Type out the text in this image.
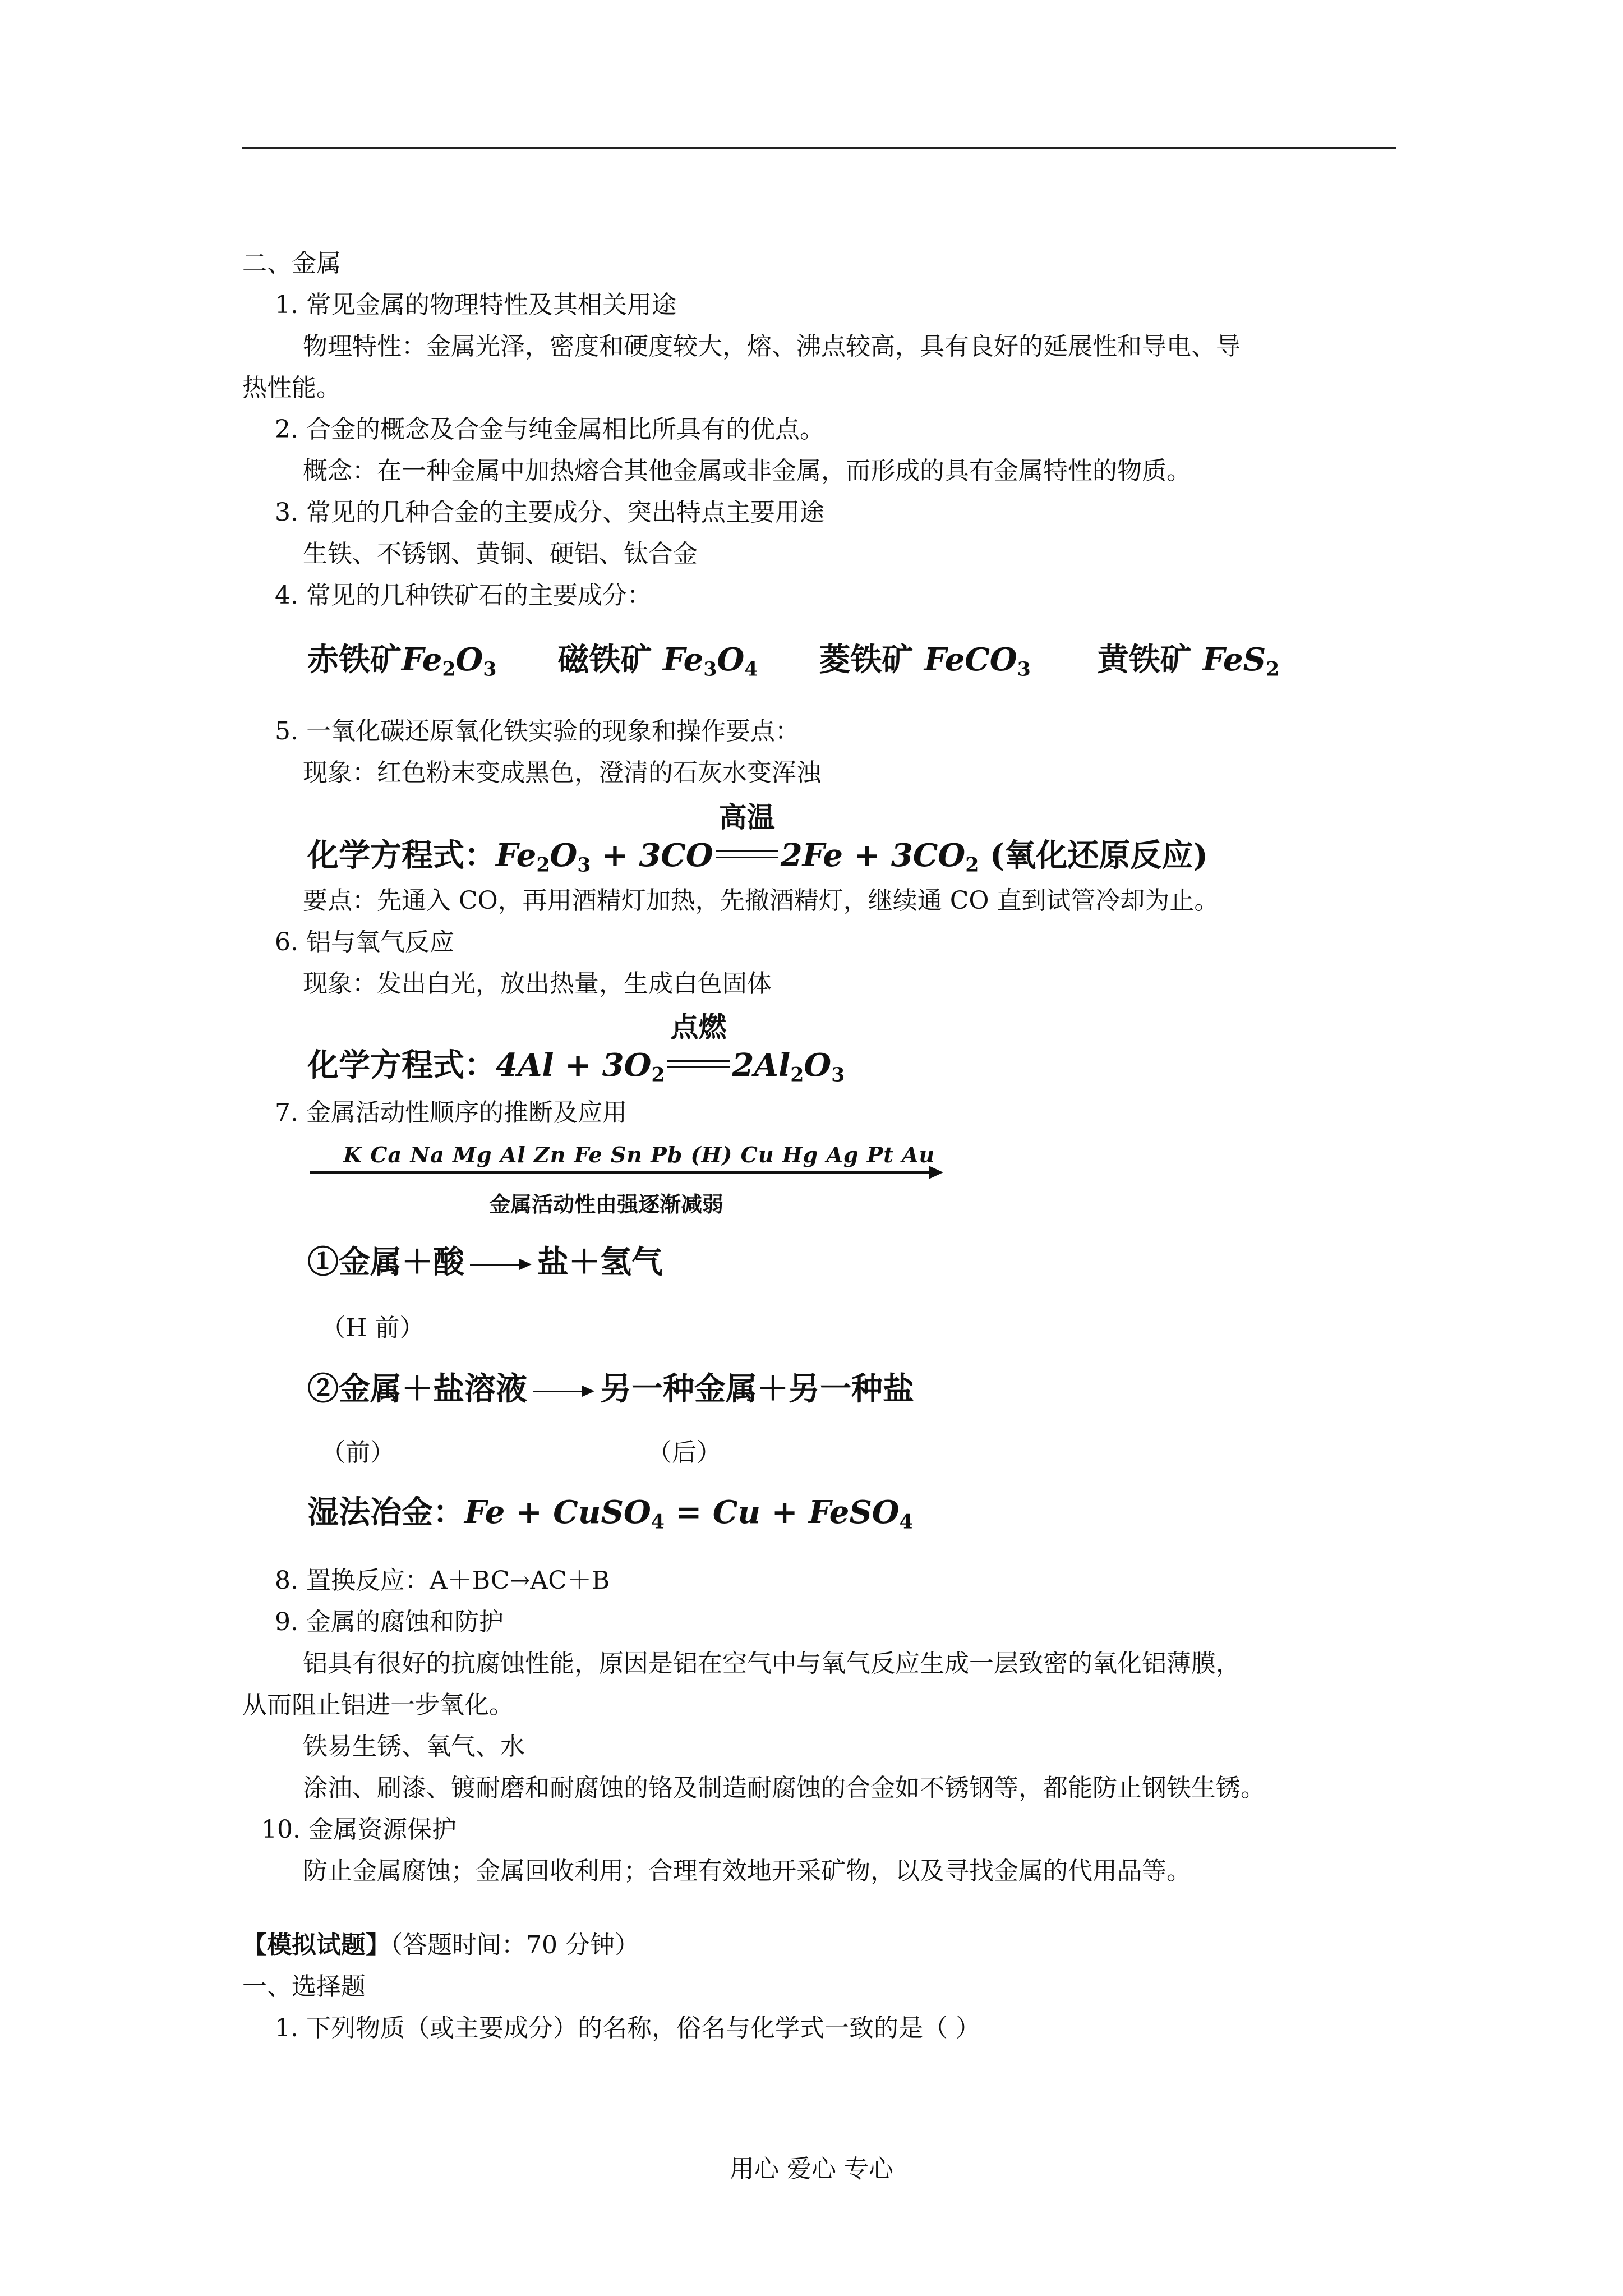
二、金属
1. 常见金属的物理特性及其相关用途
物理特性：金属光泽，密度和硬度较大，熔、沸点较高，具有良好的延展性和导电、导
热性能。
2. 合金的概念及合金与纯金属相比所具有的优点。
概念：在一种金属中加热熔合其他金属或非金属，而形成的具有金属特性的物质。
3. 常见的几种合金的主要成分、突出特点主要用途
生铁、不锈钢、黄铜、硬铝、钛合金
4. 常见的几种铁矿石的主要成分：
赤铁矿$Fe_2O_3$ 磁铁矿 $Fe_3O_4$ 菱铁矿 FeCO$_3$ 黄铁矿 FeS$_2$
5. 一氧化碳还原氧化铁实验的现象和操作要点：
现象：红色粉末变成黑色，澄清的石灰水变浑浊
化学方程式：$Fe_2O_3 + 3CO$
高温
$2Fe + 3CO_2$ (氧化还原反应)
要点：先通入 CO，再用酒精灯加热，先撤酒精灯，继续通 CO 直到试管冷却为止。
6. 铝与氧气反应
现象：发出白光，放出热量，生成白色固体
化学方程式：$4Al + 3O_2$
点燃
$2Al_2O_3$
7. 金属活动性顺序的推断及应用
K Ca Na Mg Al Zn Fe Sn Pb (H) Cu Hg Ag Pt Au
金属活动性由强逐渐减弱
①金属＋酸 盐＋氢气
（H 前）
②金属＋盐溶液 另一种金属＋另一种盐
（前）	（后）
湿法冶金：Fe + CuSO$_4$ = Cu + FeSO$_4$
8. 置换反应：A＋BC→AC＋B
9. 金属的腐蚀和防护
铝具有很好的抗腐蚀性能，原因是铝在空气中与氧气反应生成一层致密的氧化铝薄膜，
从而阻止铝进一步氧化。
铁易生锈、氧气、水
涂油、刷漆、镀耐磨和耐腐蚀的铬及制造耐腐蚀的合金如不锈钢等，都能防止钢铁生锈。
10. 金属资源保护
防止金属腐蚀；金属回收利用；合理有效地开采矿物，以及寻找金属的代用品等。
【模拟试题】（答题时间：70 分钟）
一、选择题
1. 下列物质（或主要成分）的名称，俗名与化学式一致的是（ ）
用心 爱心 专心
